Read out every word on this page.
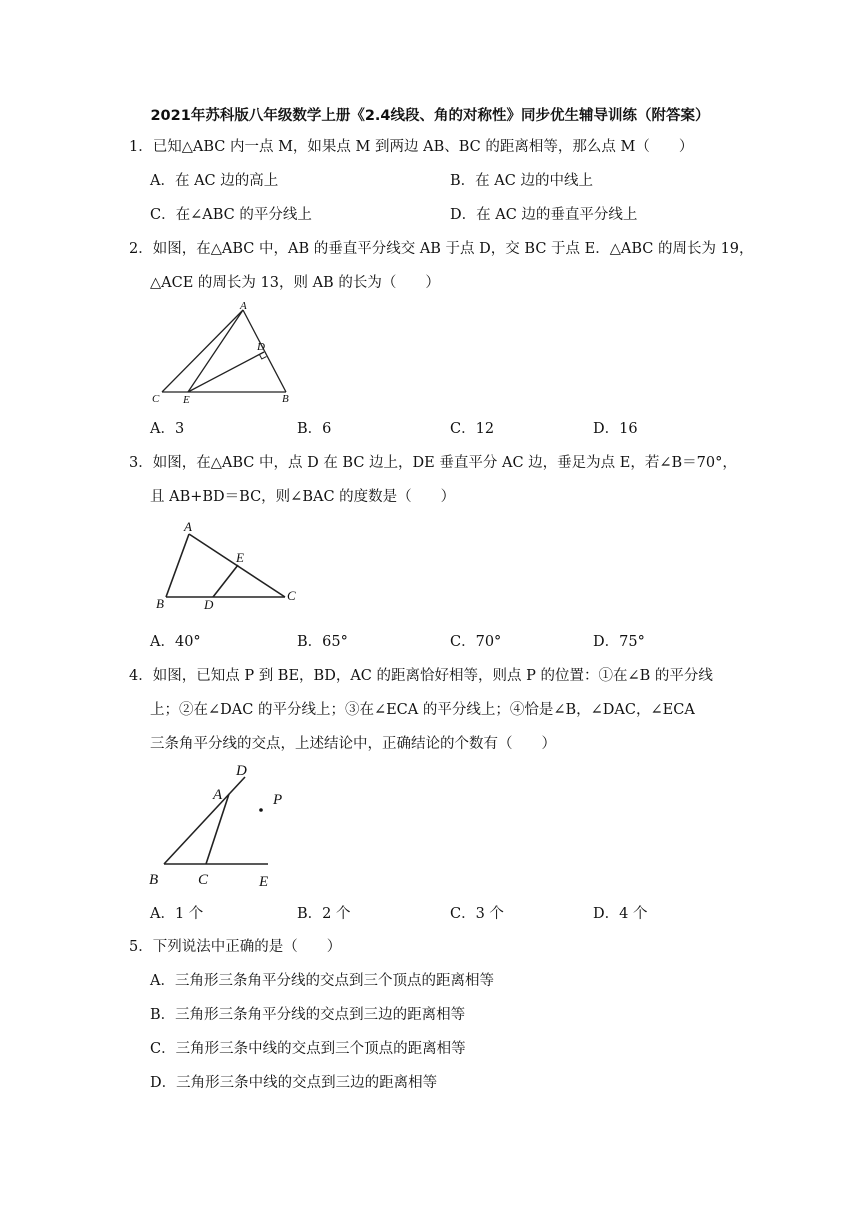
2021年苏科版八年级数学上册《2.4线段、角的对称性》同步优生辅导训练（附答案）
1．已知△ABC 内一点 M，如果点 M 到两边 AB、BC 的距离相等，那么点 M（　　）
A．在 AC 边的高上	B．在 AC 边的中线上
C．在∠ABC 的平分线上	D．在 AC 边的垂直平分线上
2．如图，在△ABC 中，AB 的垂直平分线交 AB 于点 D，交 BC 于点 E．△ABC 的周长为 19，
△ACE 的周长为 13，则 AB 的长为（　　）
A
D
C E	B
A．3	B．6	C．12	D．16
3．如图，在△ABC 中，点 D 在 BC 边上，DE 垂直平分 AC 边，垂足为点 E，若∠B＝70°，
且 AB+BD＝BC，则∠BAC 的度数是（　　）
A
E
B	D
C
A．40°	B．65°	C．70°	D．75°
4．如图，已知点 P 到 BE，BD，AC 的距离恰好相等，则点 P 的位置：①在∠B 的平分线
上；②在∠DAC 的平分线上；③在∠ECA 的平分线上；④恰是∠B，∠DAC，∠ECA
三条角平分线的交点，上述结论中，正确结论的个数有（　　）
D
A	P
B	C	E
A．1 个	B．2 个	C．3 个	D．4 个
5．下列说法中正确的是（　　）
A．三角形三条角平分线的交点到三个顶点的距离相等
B．三角形三条角平分线的交点到三边的距离相等
C．三角形三条中线的交点到三个顶点的距离相等
D．三角形三条中线的交点到三边的距离相等
